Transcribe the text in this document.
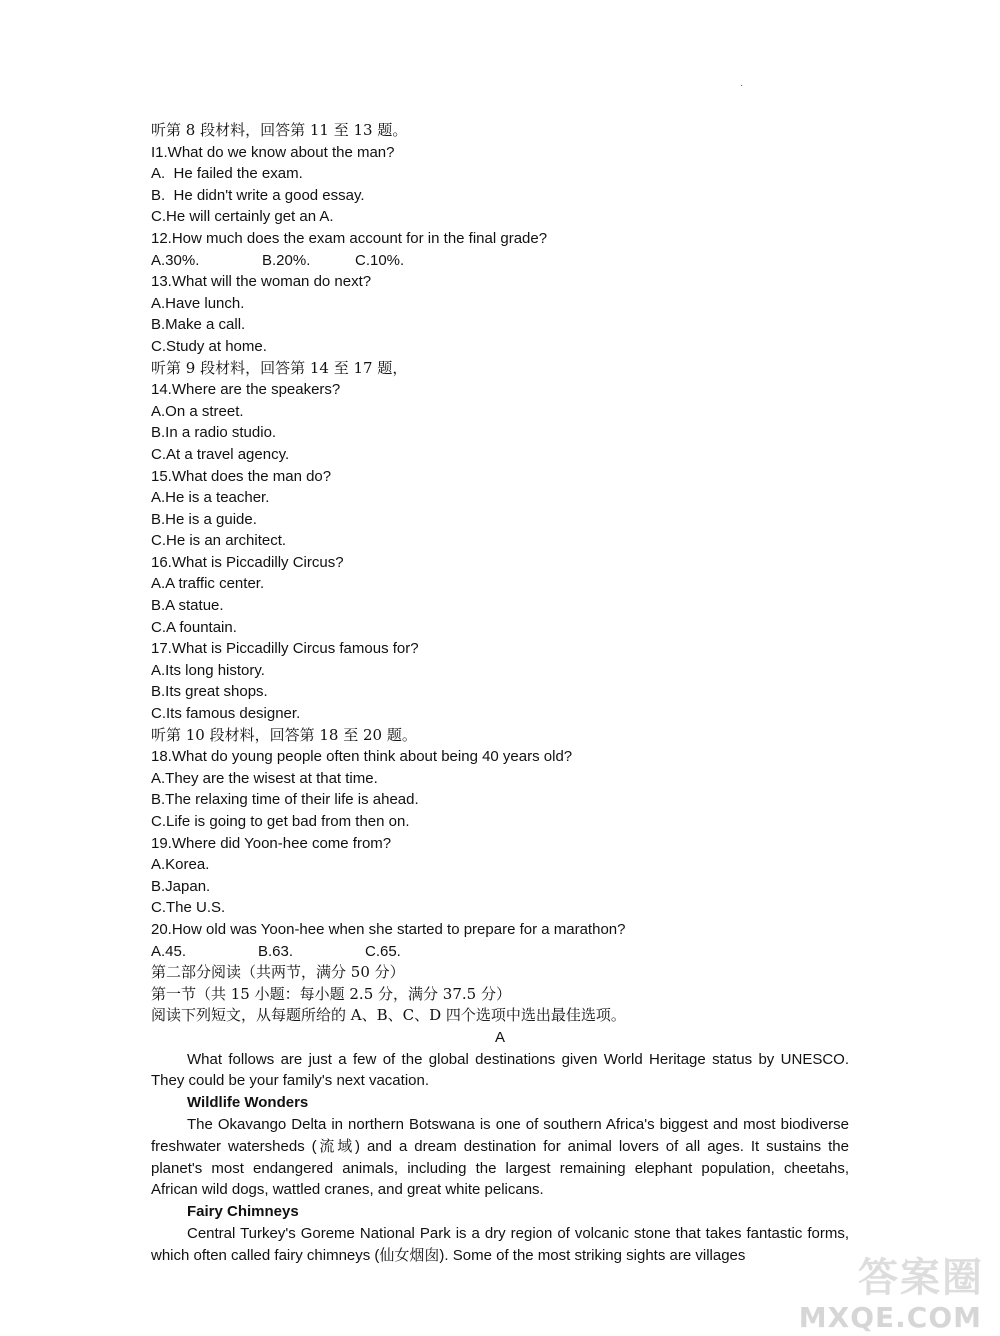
·
听第 8 段材料，回答第 11 至 13 题。
I1.What do we know about the man?
A.  He failed the exam.
B.  He didn't write a good essay.
C.He will certainly get an A.
12.How much does the exam account for in the final grade?
A.30%.	B.20%.	C.10%.
13.What will the woman do next?
A.Have lunch.
B.Make a call.
C.Study at home.
听第 9 段材料，回答第 14 至 17 题，
14.Where are the speakers?
A.On a street.
B.In a radio studio.
C.At a travel agency.
15.What does the man do?
A.He is a teacher.
B.He is a guide.
C.He is an architect.
16.What is Piccadilly Circus?
A.A traffic center.
B.A statue.
C.A fountain.
17.What is Piccadilly Circus famous for?
A.Its long history.
B.Its great shops.
C.Its famous designer.
听第 10 段材料，回答第 18 至 20 题。
18.What do young people often think about being 40 years old?
A.They are the wisest at that time.
B.The relaxing time of their life is ahead.
C.Life is going to get bad from then on.
19.Where did Yoon-hee come from?
A.Korea.
B.Japan.
C.The U.S.
20.How old was Yoon-hee when she started to prepare for a marathon?
A.45.	B.63.	C.65.
第二部分阅读（共两节，满分 50 分）
第一节（共 15 小题：每小题 2.5 分，满分 37.5 分）
阅读下列短文，从每题所给的 A、B、C、D 四个选项中选出最佳选项。
A

What follows are just a few of the global destinations given World Heritage status by UNESCO. They could be your family's next vacation.

Wildlife Wonders

The Okavango Delta in northern Botswana is one of southern Africa's biggest and most biodiverse freshwater watersheds (流域) and a dream destination for animal lovers of all ages. It sustains the planet's most endangered animals, including the largest remaining elephant population, cheetahs, African wild dogs, wattled cranes, and great white pelicans.

Fairy Chimneys

Central Turkey's Goreme National Park is a dry region of volcanic stone that takes fantastic forms, which often called fairy chimneys (仙女烟囱). Some of the most striking sights are villages	答案圈
MXQE.COM
